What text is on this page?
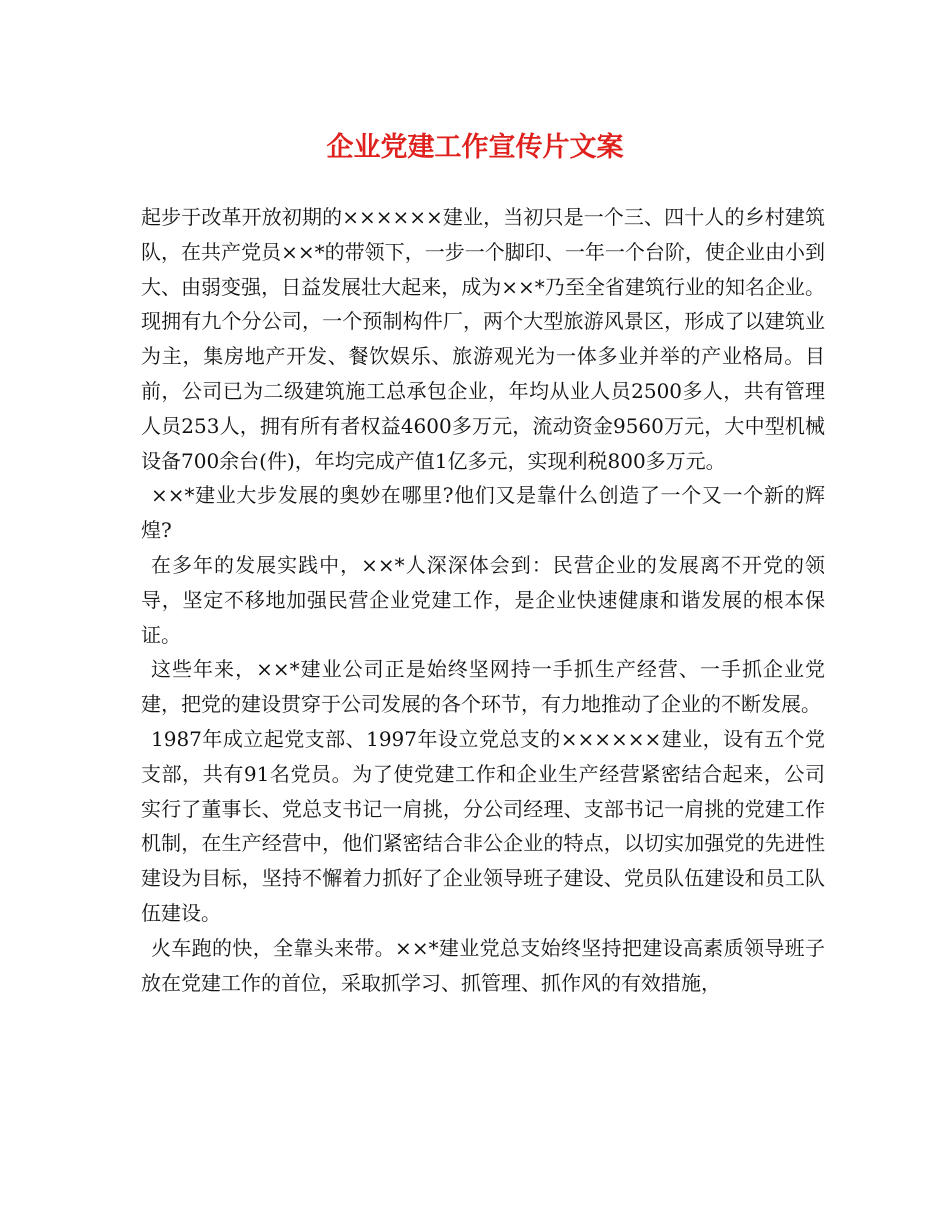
企业党建工作宣传片文案

起步于改革开放初期的××××××建业，当初只是一个三、四十人的乡村建筑队，在共产党员××*的带领下，一步一个脚印、一年一个台阶，使企业由小到大、由弱变强，日益发展壮大起来，成为××*乃至全省建筑行业的知名企业。现拥有九个分公司，一个预制构件厂，两个大型旅游风景区，形成了以建筑业为主，集房地产开发、餐饮娱乐、旅游观光为一体多业并举的产业格局。目前，公司已为二级建筑施工总承包企业，年均从业人员2500多人，共有管理人员253人，拥有所有者权益4600多万元，流动资金9560万元，大中型机械设备700余台(件)，年均完成产值1亿多元，实现利税800多万元。

××*建业大步发展的奥妙在哪里?他们又是靠什么创造了一个又一个新的辉煌?

在多年的发展实践中，××*人深深体会到：民营企业的发展离不开党的领导，坚定不移地加强民营企业党建工作，是企业快速健康和谐发展的根本保证。

这些年来，××*建业公司正是始终坚网持一手抓生产经营、一手抓企业党建，把党的建设贯穿于公司发展的各个环节，有力地推动了企业的不断发展。

1987年成立起党支部、1997年设立党总支的××××××建业，设有五个党支部，共有91名党员。为了使党建工作和企业生产经营紧密结合起来，公司实行了董事长、党总支书记一肩挑，分公司经理、支部书记一肩挑的党建工作机制，在生产经营中，他们紧密结合非公企业的特点，以切实加强党的先进性建设为目标，坚持不懈着力抓好了企业领导班子建设、党员队伍建设和员工队伍建设。

火车跑的快，全靠头来带。××*建业党总支始终坚持把建设高素质领导班子放在党建工作的首位，采取抓学习、抓管理、抓作风的有效措施，
